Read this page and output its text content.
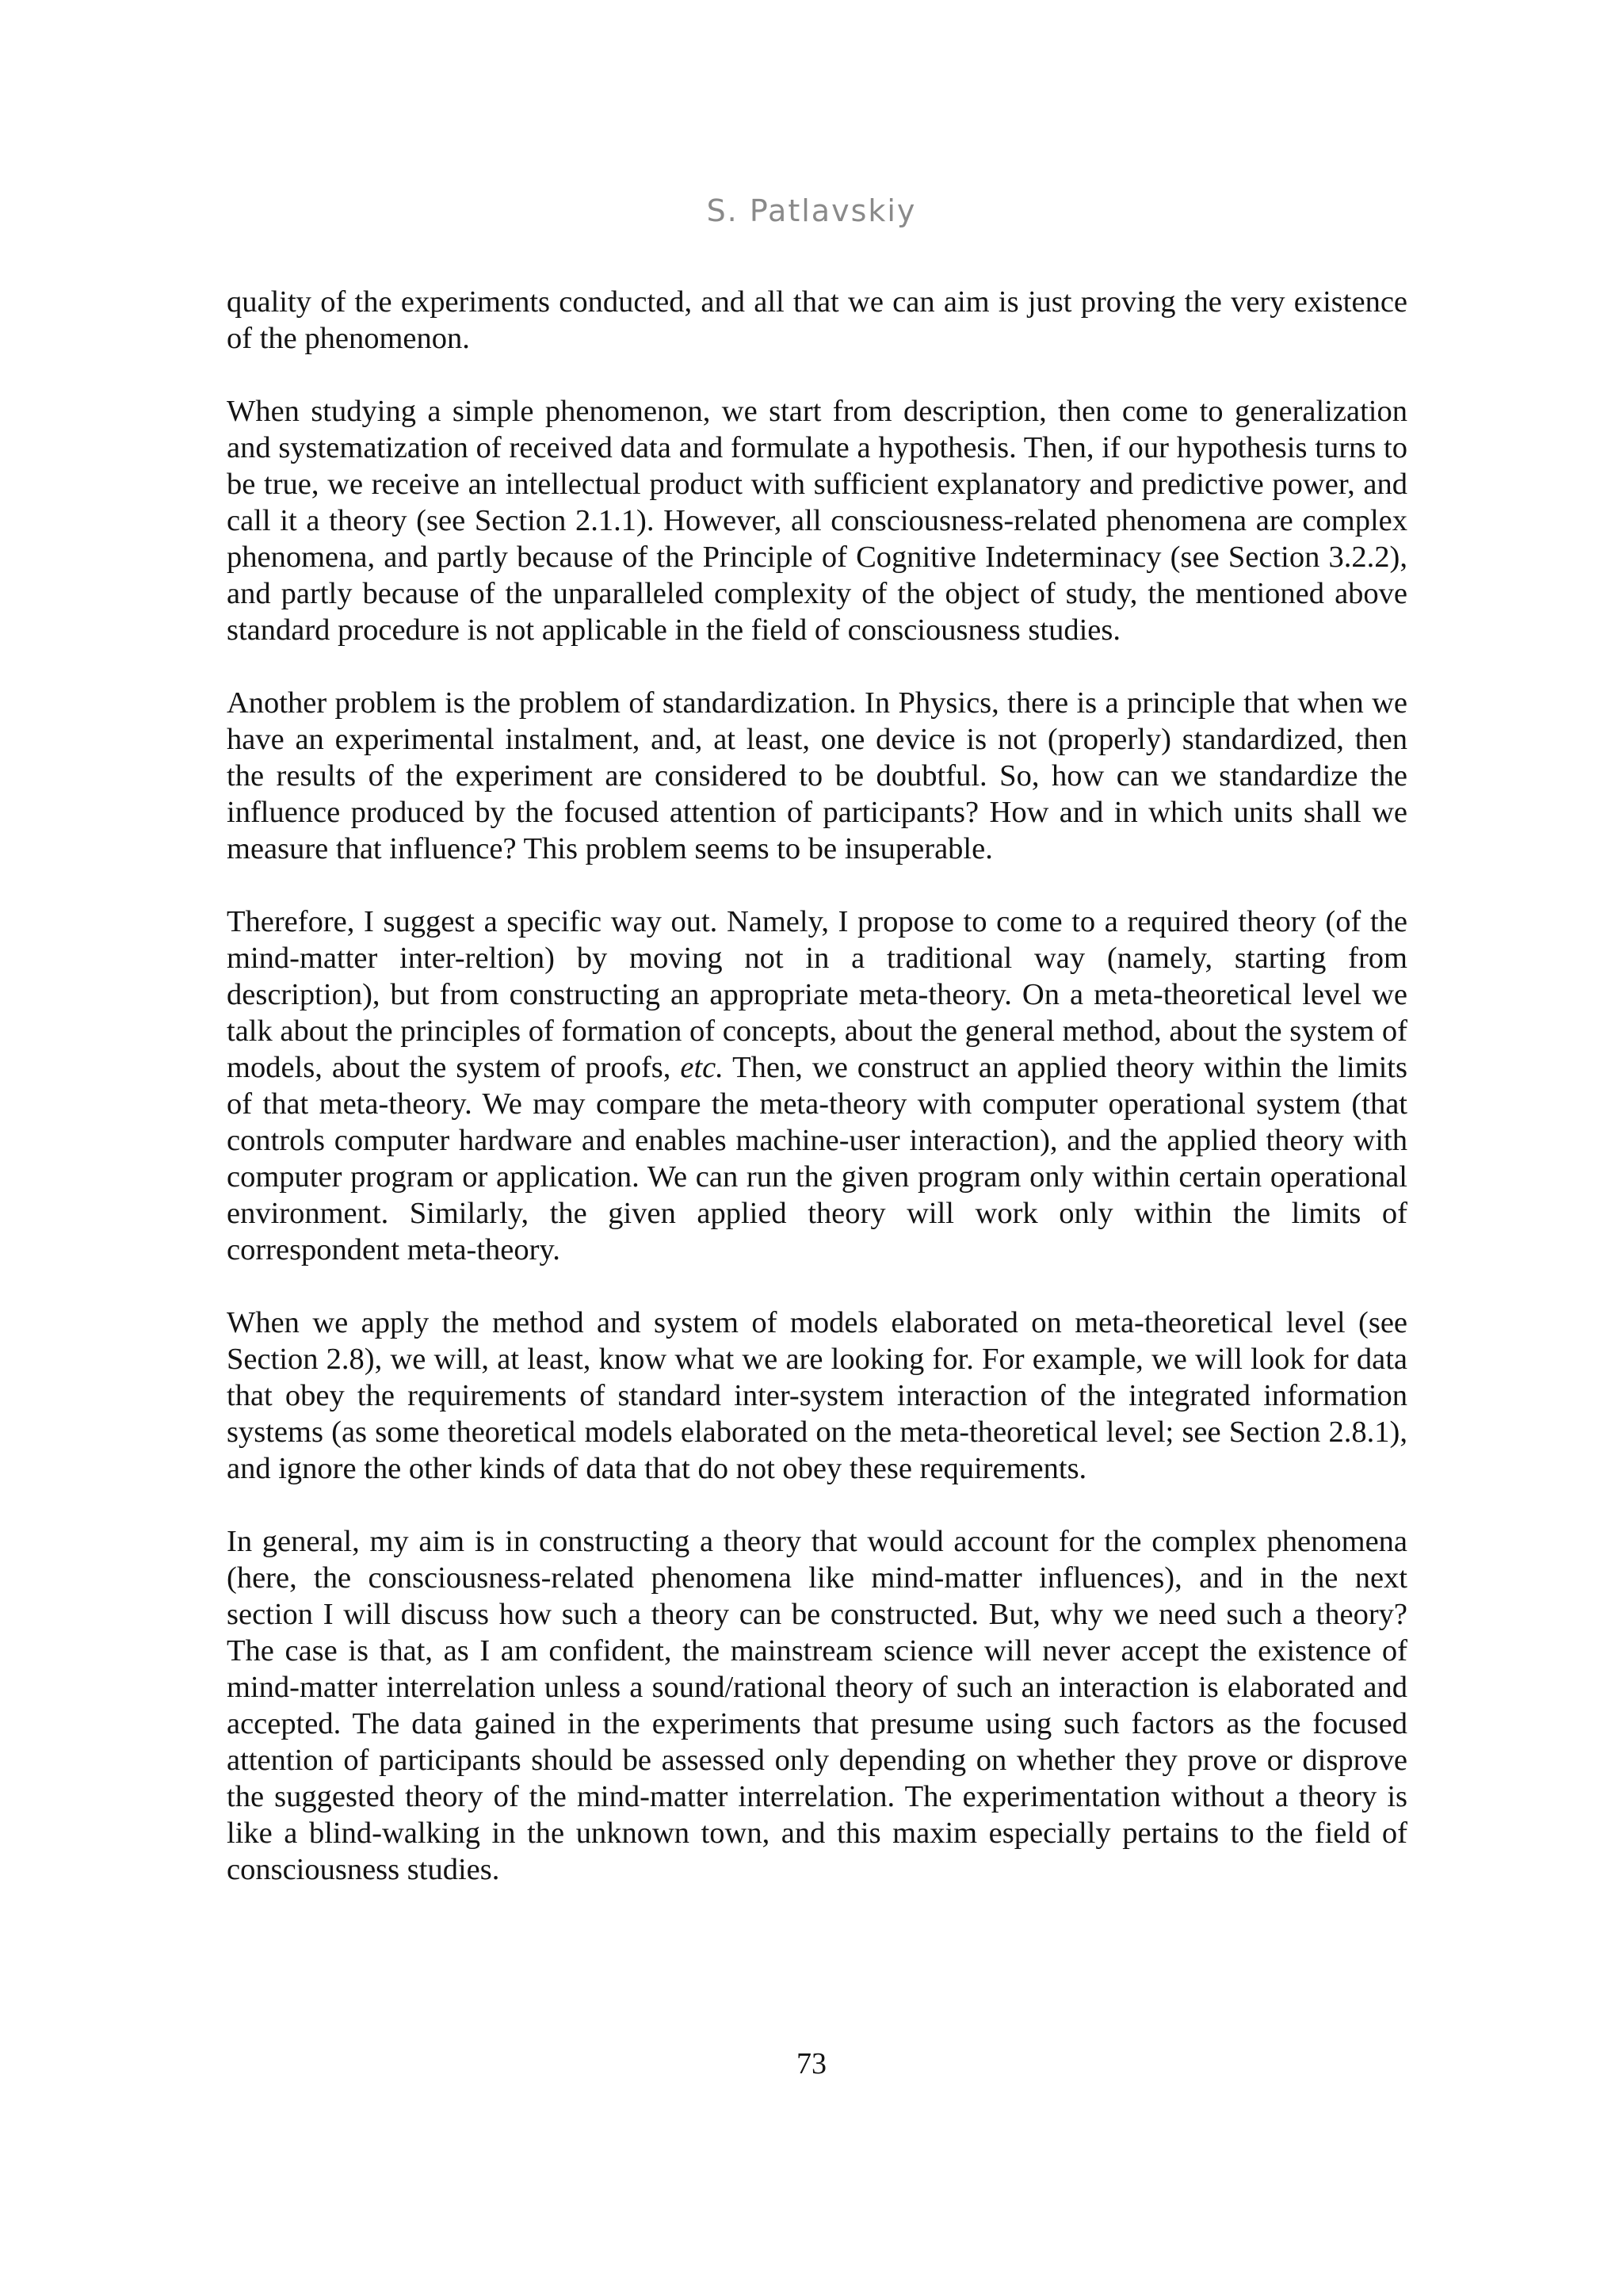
S. Patlavskiy

quality of the experiments conducted, and all that we can aim is just proving the very existence of the phenomenon.

When studying a simple phenomenon, we start from description, then come to generalization and systematization of received data and formulate a hypothesis. Then, if our hypothesis turns to be true, we receive an intellectual product with sufficient explanatory and predictive power, and call it a theory (see Section 2.1.1). However, all consciousness-related phenomena are complex phenomena, and partly because of the Principle of Cognitive Indeterminacy (see Section 3.2.2), and partly because of the unparalleled complexity of the object of study, the mentioned above standard procedure is not applicable in the field of consciousness studies.

Another problem is the problem of standardization. In Physics, there is a principle that when we have an experimental instalment, and, at least, one device is not (properly) standardized, then the results of the experiment are considered to be doubtful. So, how can we standardize the influence produced by the focused attention of participants? How and in which units shall we measure that influence? This problem seems to be insuperable.

Therefore, I suggest a specific way out. Namely, I propose to come to a required theory (of the mind-matter inter-reltion) by moving not in a traditional way (namely, starting from description), but from constructing an appropriate meta-theory. On a meta-theoretical level we talk about the principles of formation of concepts, about the general method, about the system of models, about the system of proofs, etc. Then, we construct an applied theory within the limits of that meta-theory. We may compare the meta-theory with computer operational system (that controls computer hardware and enables machine-user interaction), and the applied theory with computer program or application. We can run the given program only within certain operational environment. Similarly, the given applied theory will work only within the limits of correspondent meta-theory.

When we apply the method and system of models elaborated on meta-theoretical level (see Section 2.8), we will, at least, know what we are looking for. For example, we will look for data that obey the requirements of standard inter-system interaction of the integrated information systems (as some theoretical models elaborated on the meta-theoretical level; see Section 2.8.1), and ignore the other kinds of data that do not obey these requirements.

In general, my aim is in constructing a theory that would account for the complex phenomena (here, the consciousness-related phenomena like mind-matter influences), and in the next section I will discuss how such a theory can be constructed. But, why we need such a theory? The case is that, as I am confident, the mainstream science will never accept the existence of mind-matter interrelation unless a sound/rational theory of such an interaction is elaborated and accepted. The data gained in the experiments that presume using such factors as the focused attention of participants should be assessed only depending on whether they prove or disprove the suggested theory of the mind-matter interrelation. The experimentation without a theory is like a blind-walking in the unknown town, and this maxim especially pertains to the field of consciousness studies.

73
